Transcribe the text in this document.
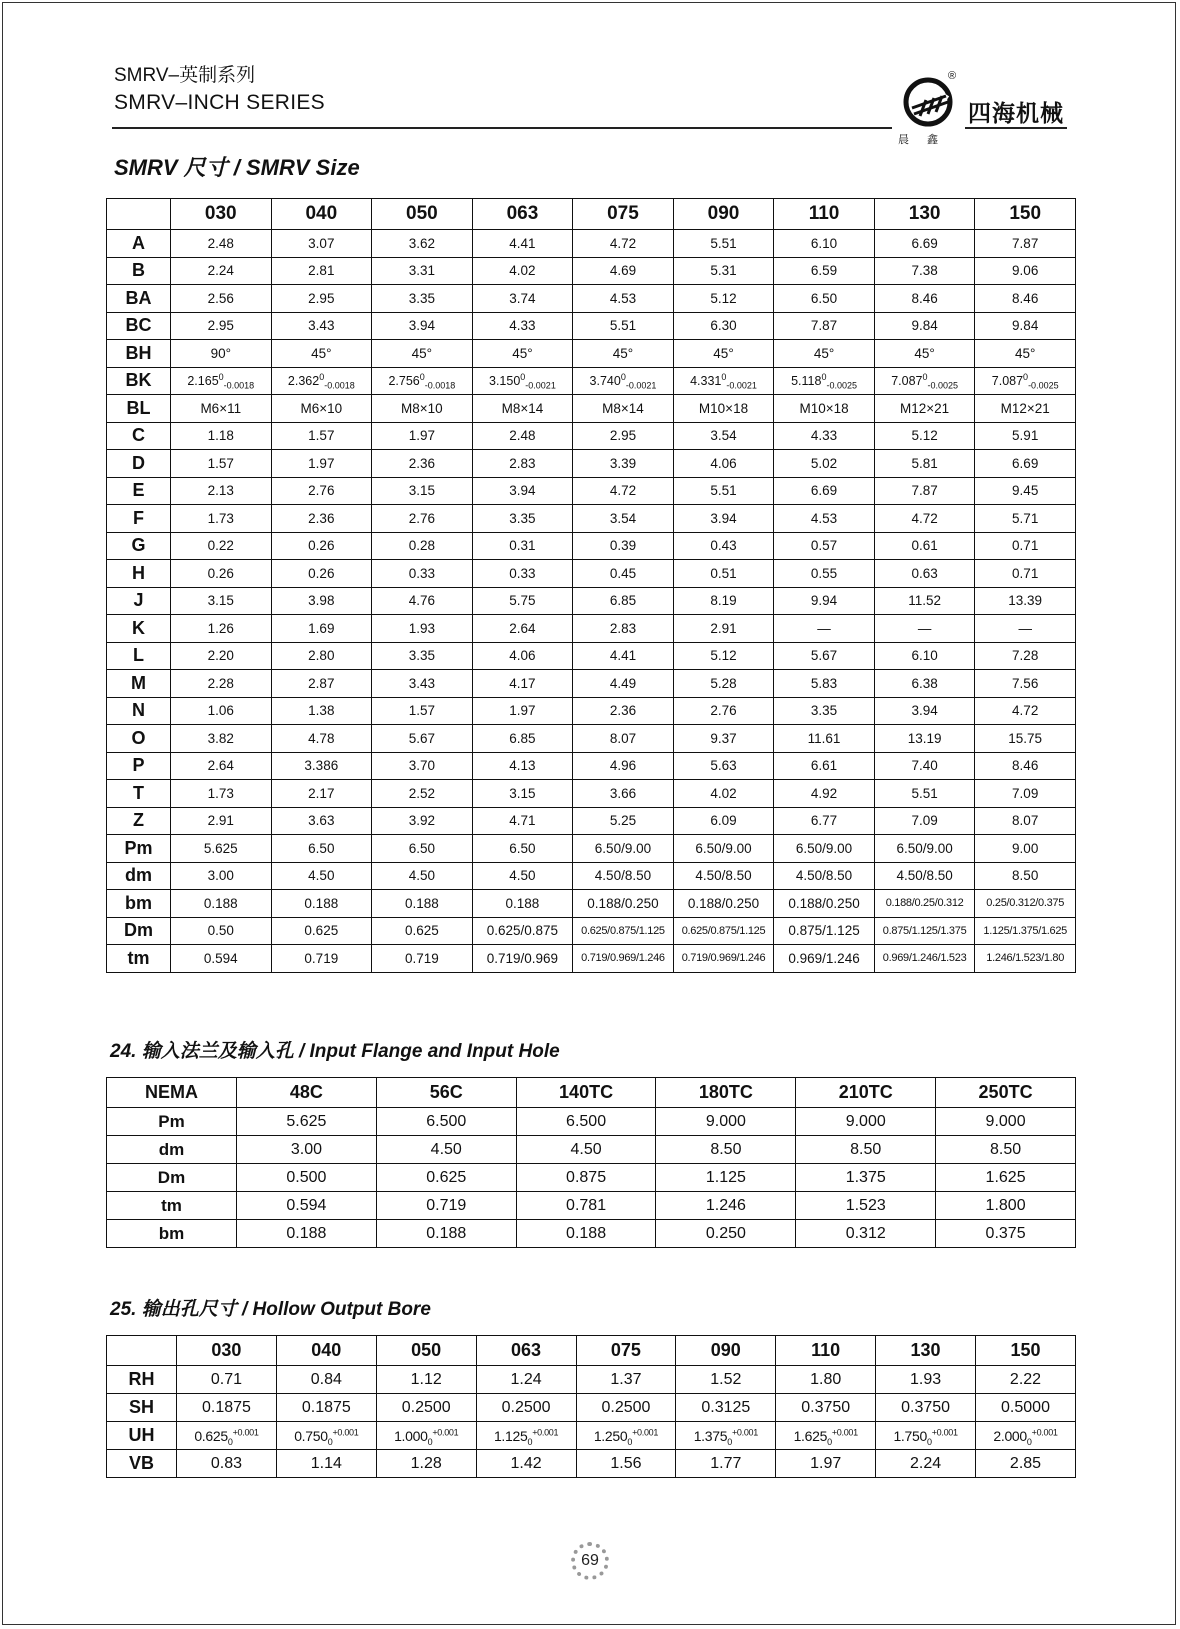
SMRV–英制系列
SMRV–INCH SERIES
®
晨鑫
四海机械
SMRV 尺寸 / SMRV Size
	030	040	050	063	075	090	110	130	150
A	2.48	3.07	3.62	4.41	4.72	5.51	6.10	6.69	7.87
B	2.24	2.81	3.31	4.02	4.69	5.31	6.59	7.38	9.06
BA	2.56	2.95	3.35	3.74	4.53	5.12	6.50	8.46	8.46
BC	2.95	3.43	3.94	4.33	5.51	6.30	7.87	9.84	9.84
BH	90°	45°	45°	45°	45°	45°	45°	45°	45°
BK	$2.165^0_{-0.0018}$	$2.362^0_{-0.0018}$	$2.756^0_{-0.0018}$	$3.150^0_{-0.0021}$	$3.740^0_{-0.0021}$	$4.331^0_{-0.0021}$	$5.118^0_{-0.0025}$	$7.087^0_{-0.0025}$	$7.087^0_{-0.0025}$
BL	M6×11	M6×10	M8×10	M8×14	M8×14	M10×18	M10×18	M12×21	M12×21
C	1.18	1.57	1.97	2.48	2.95	3.54	4.33	5.12	5.91
D	1.57	1.97	2.36	2.83	3.39	4.06	5.02	5.81	6.69
E	2.13	2.76	3.15	3.94	4.72	5.51	6.69	7.87	9.45
F	1.73	2.36	2.76	3.35	3.54	3.94	4.53	4.72	5.71
G	0.22	0.26	0.28	0.31	0.39	0.43	0.57	0.61	0.71
H	0.26	0.26	0.33	0.33	0.45	0.51	0.55	0.63	0.71
J	3.15	3.98	4.76	5.75	6.85	8.19	9.94	11.52	13.39
K	1.26	1.69	1.93	2.64	2.83	2.91	—	—	—
L	2.20	2.80	3.35	4.06	4.41	5.12	5.67	6.10	7.28
M	2.28	2.87	3.43	4.17	4.49	5.28	5.83	6.38	7.56
N	1.06	1.38	1.57	1.97	2.36	2.76	3.35	3.94	4.72
O	3.82	4.78	5.67	6.85	8.07	9.37	11.61	13.19	15.75
P	2.64	3.386	3.70	4.13	4.96	5.63	6.61	7.40	8.46
T	1.73	2.17	2.52	3.15	3.66	4.02	4.92	5.51	7.09
Z	2.91	3.63	3.92	4.71	5.25	6.09	6.77	7.09	8.07
Pm	5.625	6.50	6.50	6.50	6.50/9.00	6.50/9.00	6.50/9.00	6.50/9.00	9.00
dm	3.00	4.50	4.50	4.50	4.50/8.50	4.50/8.50	4.50/8.50	4.50/8.50	8.50
bm	0.188	0.188	0.188	0.188	0.188/0.250	0.188/0.250	0.188/0.250	0.188/0.25/0.312	0.25/0.312/0.375
Dm	0.50	0.625	0.625	0.625/0.875	0.625/0.875/1.125	0.625/0.875/1.125	0.875/1.125	0.875/1.125/1.375	1.125/1.375/1.625
tm	0.594	0.719	0.719	0.719/0.969	0.719/0.969/1.246	0.719/0.969/1.246	0.969/1.246	0.969/1.246/1.523	1.246/1.523/1.80
24. 输入法兰及输入孔 / Input Flange and Input Hole
NEMA	48C	56C	140TC	180TC	210TC	250TC
Pm	5.625	6.500	6.500	9.000	9.000	9.000
dm	3.00	4.50	4.50	8.50	8.50	8.50
Dm	0.500	0.625	0.875	1.125	1.375	1.625
tm	0.594	0.719	0.781	1.246	1.523	1.800
bm	0.188	0.188	0.188	0.250	0.312	0.375
25. 输出孔尺寸 / Hollow Output Bore
	030	040	050	063	075	090	110	130	150
RH	0.71	0.84	1.12	1.24	1.37	1.52	1.80	1.93	2.22
SH	0.1875	0.1875	0.2500	0.2500	0.2500	0.3125	0.3750	0.3750	0.5000
UH	$0.625_0^{+0.001}$	$0.750_0^{+0.001}$	$1.000_0^{+0.001}$	$1.125_0^{+0.001}$	$1.250_0^{+0.001}$	$1.375_0^{+0.001}$	$1.625_0^{+0.001}$	$1.750_0^{+0.001}$	$2.000_0^{+0.001}$
VB	0.83	1.14	1.28	1.42	1.56	1.77	1.97	2.24	2.85
69
